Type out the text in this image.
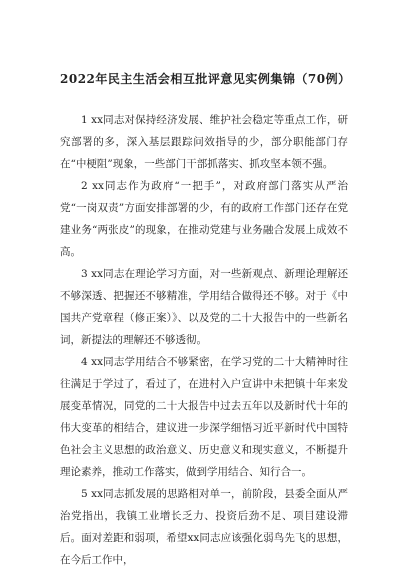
2022年民主生活会相互批评意见实例集锦（70例）

1 xx同志对保持经济发展、维护社会稳定等重点工作，研究部署的多，深入基层跟踪问效指导的少，部分职能部门存在“中梗阻”现象，一些部门干部抓落实、抓攻坚本领不强。

2 xx同志作为政府“一把手”，对政府部门落实从严治党“一岗双责”方面安排部署的少，有的政府工作部门还存在党建业务“两张皮”的现象，在推动党建与业务融合发展上成效不高。

3 xx同志在理论学习方面，对一些新观点、新理论理解还不够深透、把握还不够精准，学用结合做得还不够。对于《中国共产党章程（修正案）》、以及党的二十大报告中的一些新名词，新提法的理解还不够透彻。

4 xx同志学用结合不够紧密，在学习党的二十大精神时往往满足于学过了，看过了，在进村入户宣讲中未把镇十年来发展变革情况，同党的二十大报告中过去五年以及新时代十年的伟大变革的相结合，建议进一步深学细悟习近平新时代中国特色社会主义思想的政治意义、历史意义和现实意义，不断提升理论素养，推动工作落实，做到学用结合、知行合一。

5 xx同志抓发展的思路相对单一，前阶段，县委全面从严治党指出，我镇工业增长乏力、投资后劲不足、项目建设滞后。面对差距和弱项，希望xx同志应该强化弱鸟先飞的思想，在今后工作中，
